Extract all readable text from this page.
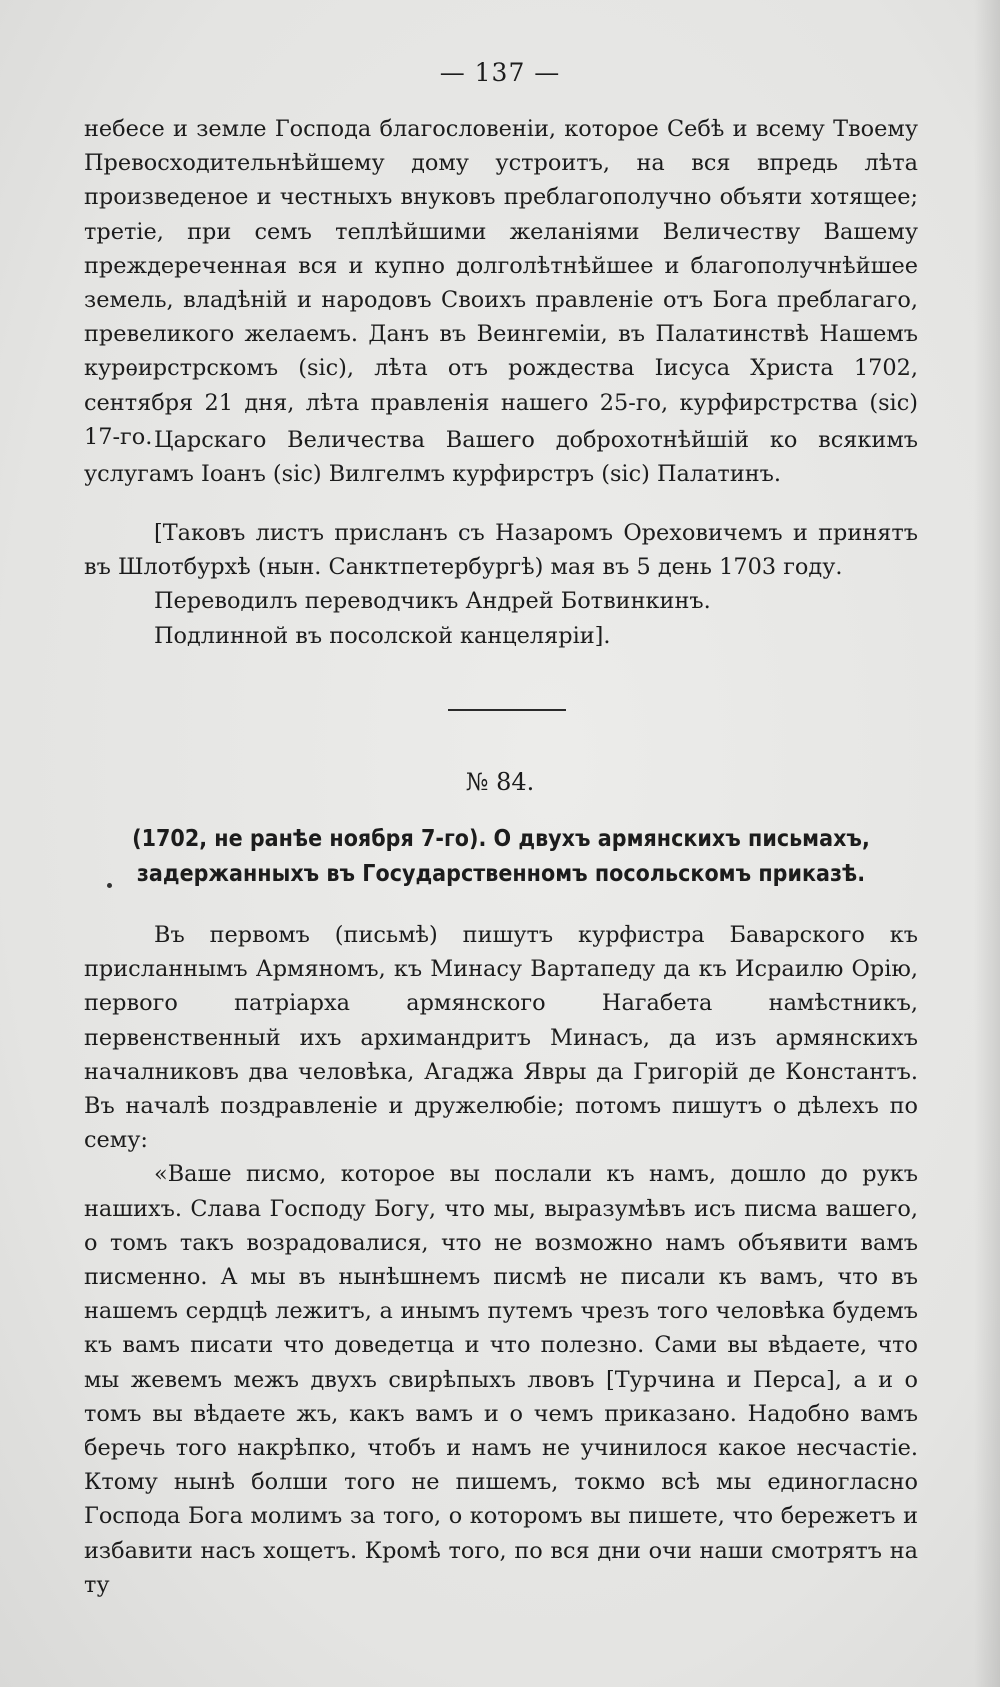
— 137 —

небесе и земле Господа благословеніи, которое Себѣ и всему Твоему Превосходительнѣйшему дому устроитъ, на вся впредь лѣта произведеное и честныхъ внуковъ преблагополучно объяти хотящее; третіе, при семъ теплѣйшими желаніями Величеству Вашему преждереченная вся и купно долголѣтнѣйшее и благополучнѣйшее земель, владѣній и народовъ Своихъ правленіе отъ Бога преблагаго, превеликого желаемъ. Данъ въ Веингеміи, въ Палатинствѣ Нашемъ курѳирстрскомъ (sic), лѣта отъ рождества Іисуса Христа 1702, сентября 21 дня, лѣта правленія нашего 25-го, курфирстрства (sic) 17-го. Царскаго Величества Вашего доброхотнѣйшій ко всякимъ услугамъ Іоанъ (sic) Вилгелмъ курфирстръ (sic) Палатинъ.

[Таковъ листъ присланъ съ Назаромъ Ореховичемъ и принятъ въ Шлотбурхѣ (нын. Санктпетербургѣ) мая въ 5 день 1703 году.

Переводилъ переводчикъ Андрей Ботвинкинъ.

Подлинной въ посолской канцеляріи].

№ 84.
(1702, не ранѣе ноября 7-го). О двухъ армянскихъ письмахъ, задержанныхъ въ Государственномъ посольскомъ приказѣ.

Въ первомъ (письмѣ) пишутъ курфистра Баварского къ присланнымъ Армяномъ, къ Минасу Вартапеду да къ Исраилю Орію, первого патріарха армянского Нагабета намѣстникъ, первенственный ихъ архимандритъ Минасъ, да изъ армянскихъ началниковъ два человѣка, Агаджа Явры да Григорій де Константъ. Въ началѣ поздравленіе и дружелюбіе; потомъ пишутъ о дѣлехъ по сему:

«Ваше писмо, которое вы послали къ намъ, дошло до рукъ нашихъ. Слава Господу Богу, что мы, выразумѣвъ исъ писма вашего, о томъ такъ возрадовалися, что не возможно намъ объявити вамъ писменно. А мы въ нынѣшнемъ писмѣ не писали къ вамъ, что въ нашемъ сердцѣ лежитъ, а инымъ путемъ чрезъ того человѣка будемъ къ вамъ писати что доведетца и что полезно. Сами вы вѣдаете, что мы жевемъ межъ двухъ свирѣпыхъ лвовъ [Турчина и Перса], а и о томъ вы вѣдаете жъ, какъ вамъ и о чемъ приказано. Надобно вамъ беречь того накрѣпко, чтобъ и намъ не учинилося какое несчастіе. Ктому нынѣ болши того не пишемъ, токмо всѣ мы единогласно Господа Бога молимъ за того, о которомъ вы пишете, что бережетъ и избавити насъ хощетъ. Кромѣ того, по вся дни очи наши смотрятъ на ту
